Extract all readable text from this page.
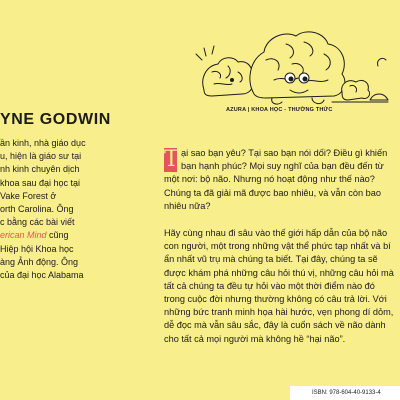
AZURA | KHOA HỌC - THƯỜNG THỨC
YNE GODWIN
ần kinh, nhà giáo dục
u, hiện là giáo sư tại
nh kinh chuyên dịch
khoa sau đại học tại
Vake Forest ở
orth Carolina. Ông
c bằng các bài viết
erican Mind cũng
Hiệp hội Khoa học
àng Ảnh động. Ông
của đại học Alabama
T ại sao bạn yêu? Tại sao bạn nói dối? Điều gì khiến
bạn hạnh phúc? Mọi suy nghĩ của bạn đều đến từ
một nơi: bộ não. Nhưng nó hoạt động như thế nào?
Chúng ta đã giải mã được bao nhiêu, và vẫn còn bao
nhiêu nữa?
Hãy cùng nhau đi sâu vào thế giới hấp dẫn của bộ não
con người, một trong những vật thể phức tạp nhất và bí
ẩn nhất vũ trụ mà chúng ta biết. Tại đây, chúng ta sẽ
được khám phá những câu hỏi thú vị, những câu hỏi mà
tất cả chúng ta đều tự hỏi vào một thời điểm nào đó
trong cuộc đời nhưng thường không có câu trả lời. Với
những bức tranh minh họa hài hước, vẹn phong dí dỏm,
dễ đọc mà vẫn sâu sắc, đây là cuốn sách về não dành
cho tất cả mọi người mà không hề “hại não”.
ISBN: 978-604-40-9133-4
